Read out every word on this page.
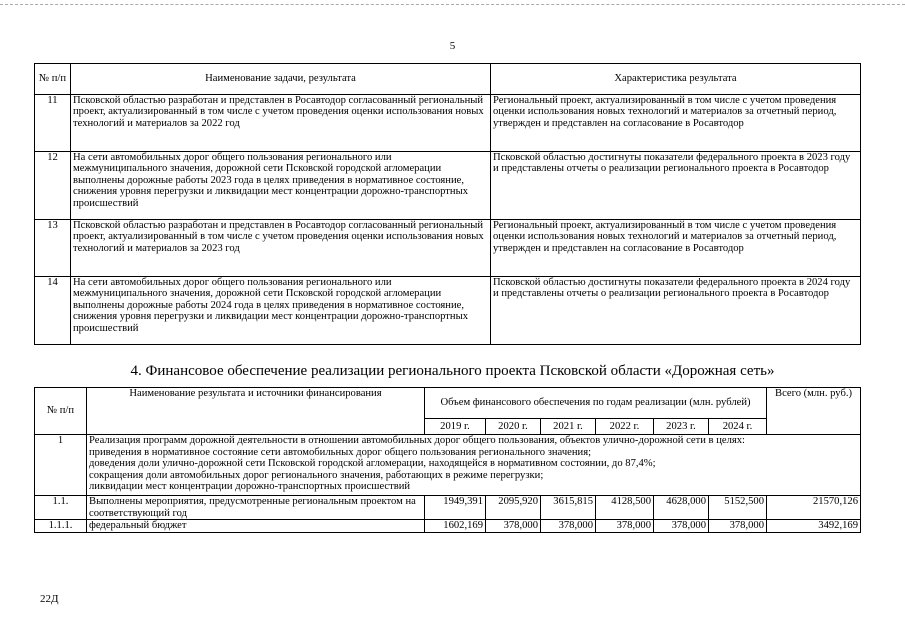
5
№ п/п	Наименование задачи, результата	Характеристика результата
11	Псковской областью разработан и представлен в Росавтодор согласованный региональный проект, актуализированный в том числе с учетом проведения оценки использования новых технологий и материалов за 2022 год	Региональный проект, актуализированный в том числе с учетом проведения оценки использования новых технологий и материалов за отчетный период, утвержден и представлен на согласование в Росавтодор
12	На сети автомобильных дорог общего пользования регионального или межмуниципального значения, дорожной сети Псковской городской агломерации выполнены дорожные работы 2023 года в целях приведения в нормативное состояние, снижения уровня перегрузки и ликвидации мест концентрации дорожно-транспортных происшествий	Псковской областью достигнуты показатели федерального проекта в 2023 году и представлены отчеты о реализации регионального проекта в Росавтодор
13	Псковской областью разработан и представлен в Росавтодор согласованный региональный проект, актуализированный в том числе с учетом проведения оценки использования новых технологий и материалов за 2023 год	Региональный проект, актуализированный в том числе с учетом проведения оценки использования новых технологий и материалов за отчетный период, утвержден и представлен на согласование в Росавтодор
14	На сети автомобильных дорог общего пользования регионального или межмуниципального значения, дорожной сети Псковской городской агломерации выполнены дорожные работы 2024 года в целях приведения в нормативное состояние, снижения уровня перегрузки и ликвидации мест концентрации дорожно-транспортных происшествий	Псковской областью достигнуты показатели федерального проекта в 2024 году и представлены отчеты о реализации регионального проекта в Росавтодор
4. Финансовое обеспечение реализации регионального проекта Псковской области «Дорожная сеть»
№ п/п	Наименование результата и источники финансирования	Объем финансового обеспечения по годам реализации (млн. рублей)						Всего (млн. руб.)
		2019 г.	2020 г.	2021 г.	2022 г.	2023 г.	2024 г.	
1	Реализация программ дорожной деятельности в отношении автомобильных дорог общего пользования, объектов улично-дорожной сети в целях:
приведения в нормативное состояние сети автомобильных дорог общего пользования регионального значения;
доведения доли улично-дорожной сети Псковской городской агломерации, находящейся в нормативном состоянии, до 87,4%;
сокращения доли автомобильных дорог регионального значения, работающих в режиме перегрузки;
ликвидации мест концентрации дорожно-транспортных происшествий							

1.1.	Выполнены мероприятия, предусмотренные региональным проектом на соответствующий год	1949,391	2095,920	3615,815	4128,500	4628,000	5152,500	21570,126
1.1.1.	федеральный бюджет	1602,169	378,000	378,000	378,000	378,000	378,000	3492,169
22Д
